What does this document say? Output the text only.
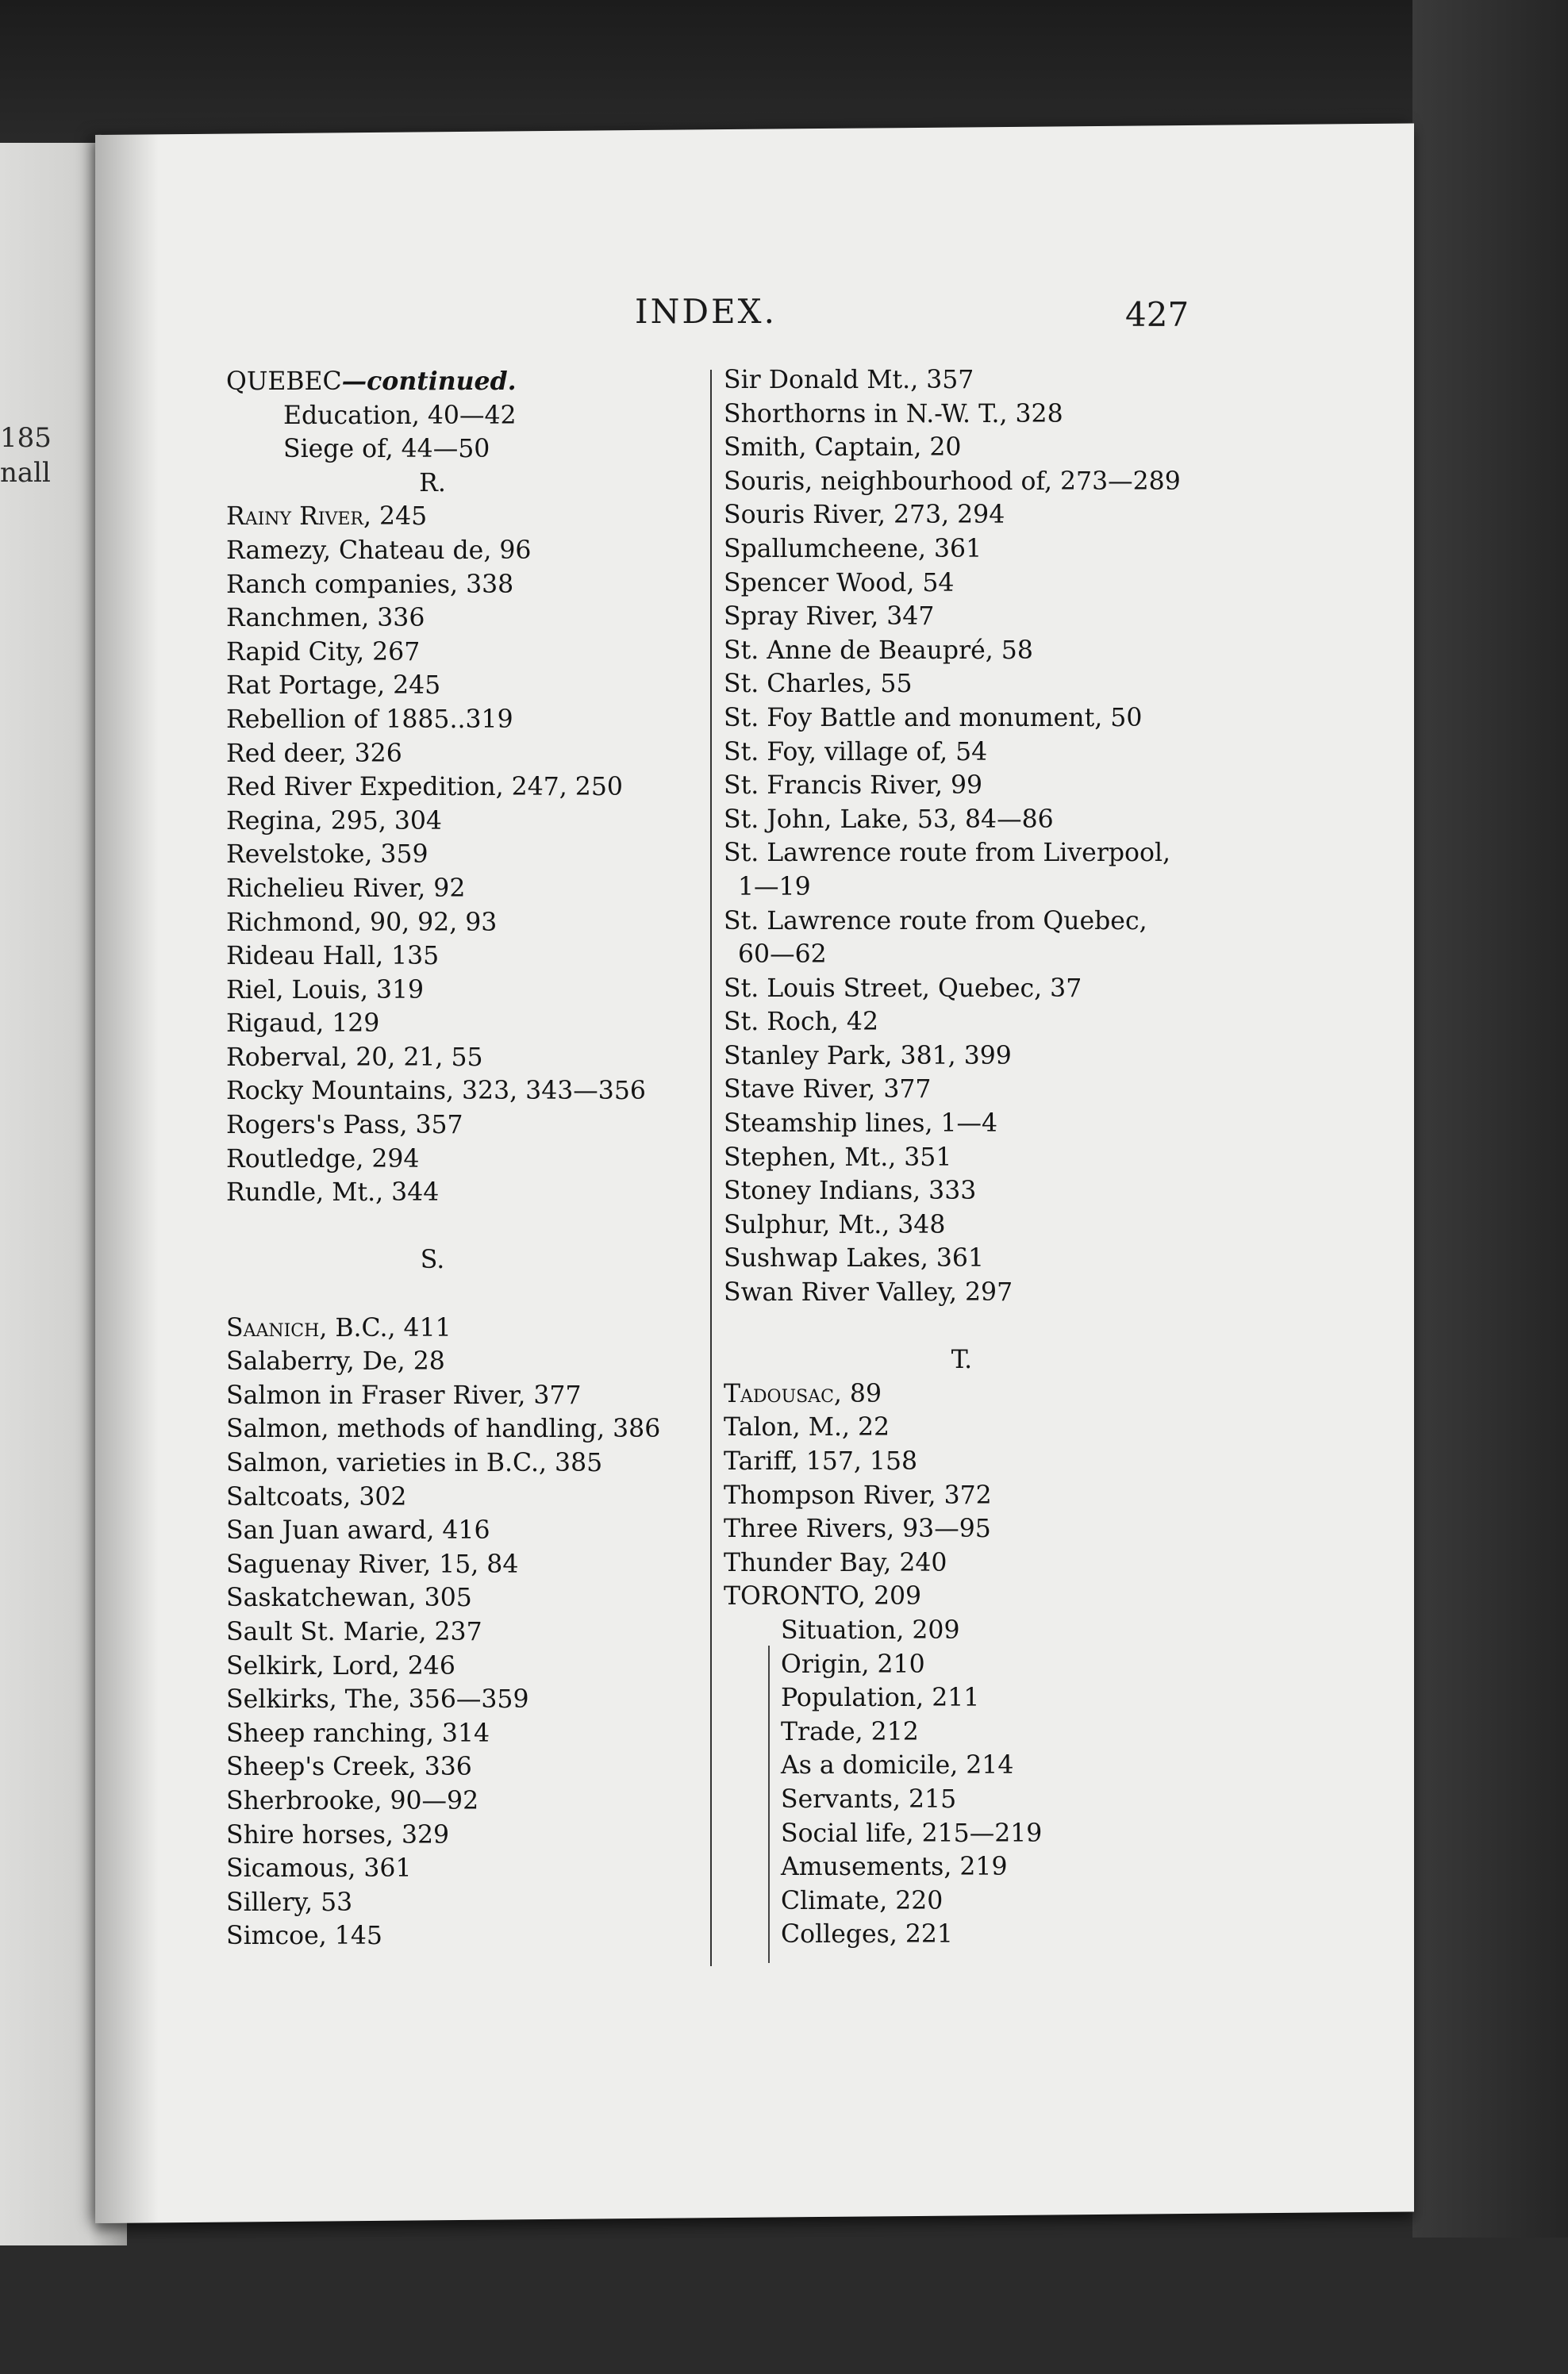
185
nall
INDEX.	427
QUEBEC—continued.
Education, 40—42
Siege of, 44—50
R.
Rainy River, 245
Ramezy, Chateau de, 96
Ranch companies, 338
Ranchmen, 336
Rapid City, 267
Rat Portage, 245
Rebellion of 1885..319
Red deer, 326
Red River Expedition, 247, 250
Regina, 295, 304
Revelstoke, 359
Richelieu River, 92
Richmond, 90, 92, 93
Rideau Hall, 135
Riel, Louis, 319
Rigaud, 129
Roberval, 20, 21, 55
Rocky Mountains, 323, 343—356
Rogers's Pass, 357
Routledge, 294
Rundle, Mt., 344
S.
Saanich, B.C., 411
Salaberry, De, 28
Salmon in Fraser River, 377
Salmon, methods of handling, 386
Salmon, varieties in B.C., 385
Saltcoats, 302
San Juan award, 416
Saguenay River, 15, 84
Saskatchewan, 305
Sault St. Marie, 237
Selkirk, Lord, 246
Selkirks, The, 356—359
Sheep ranching, 314
Sheep's Creek, 336
Sherbrooke, 90—92
Shire horses, 329
Sicamous, 361
Sillery, 53
Simcoe, 145
Sir Donald Mt., 357
Shorthorns in N.-W. T., 328
Smith, Captain, 20
Souris, neighbourhood of, 273—289
Souris River, 273, 294
Spallumcheene, 361
Spencer Wood, 54
Spray River, 347
St. Anne de Beaupré, 58
St. Charles, 55
St. Foy Battle and monument, 50
St. Foy, village of, 54
St. Francis River, 99
St. John, Lake, 53, 84—86
St. Lawrence route from Liverpool,
1—19
St. Lawrence route from Quebec,
60—62
St. Louis Street, Quebec, 37
St. Roch, 42
Stanley Park, 381, 399
Stave River, 377
Steamship lines, 1—4
Stephen, Mt., 351
Stoney Indians, 333
Sulphur, Mt., 348
Sushwap Lakes, 361
Swan River Valley, 297
T.
Tadousac, 89
Talon, M., 22
Tariff, 157, 158
Thompson River, 372
Three Rivers, 93—95
Thunder Bay, 240
TORONTO, 209
Situation, 209
Origin, 210
Population, 211
Trade, 212
As a domicile, 214
Servants, 215
Social life, 215—219
Amusements, 219
Climate, 220
Colleges, 221
